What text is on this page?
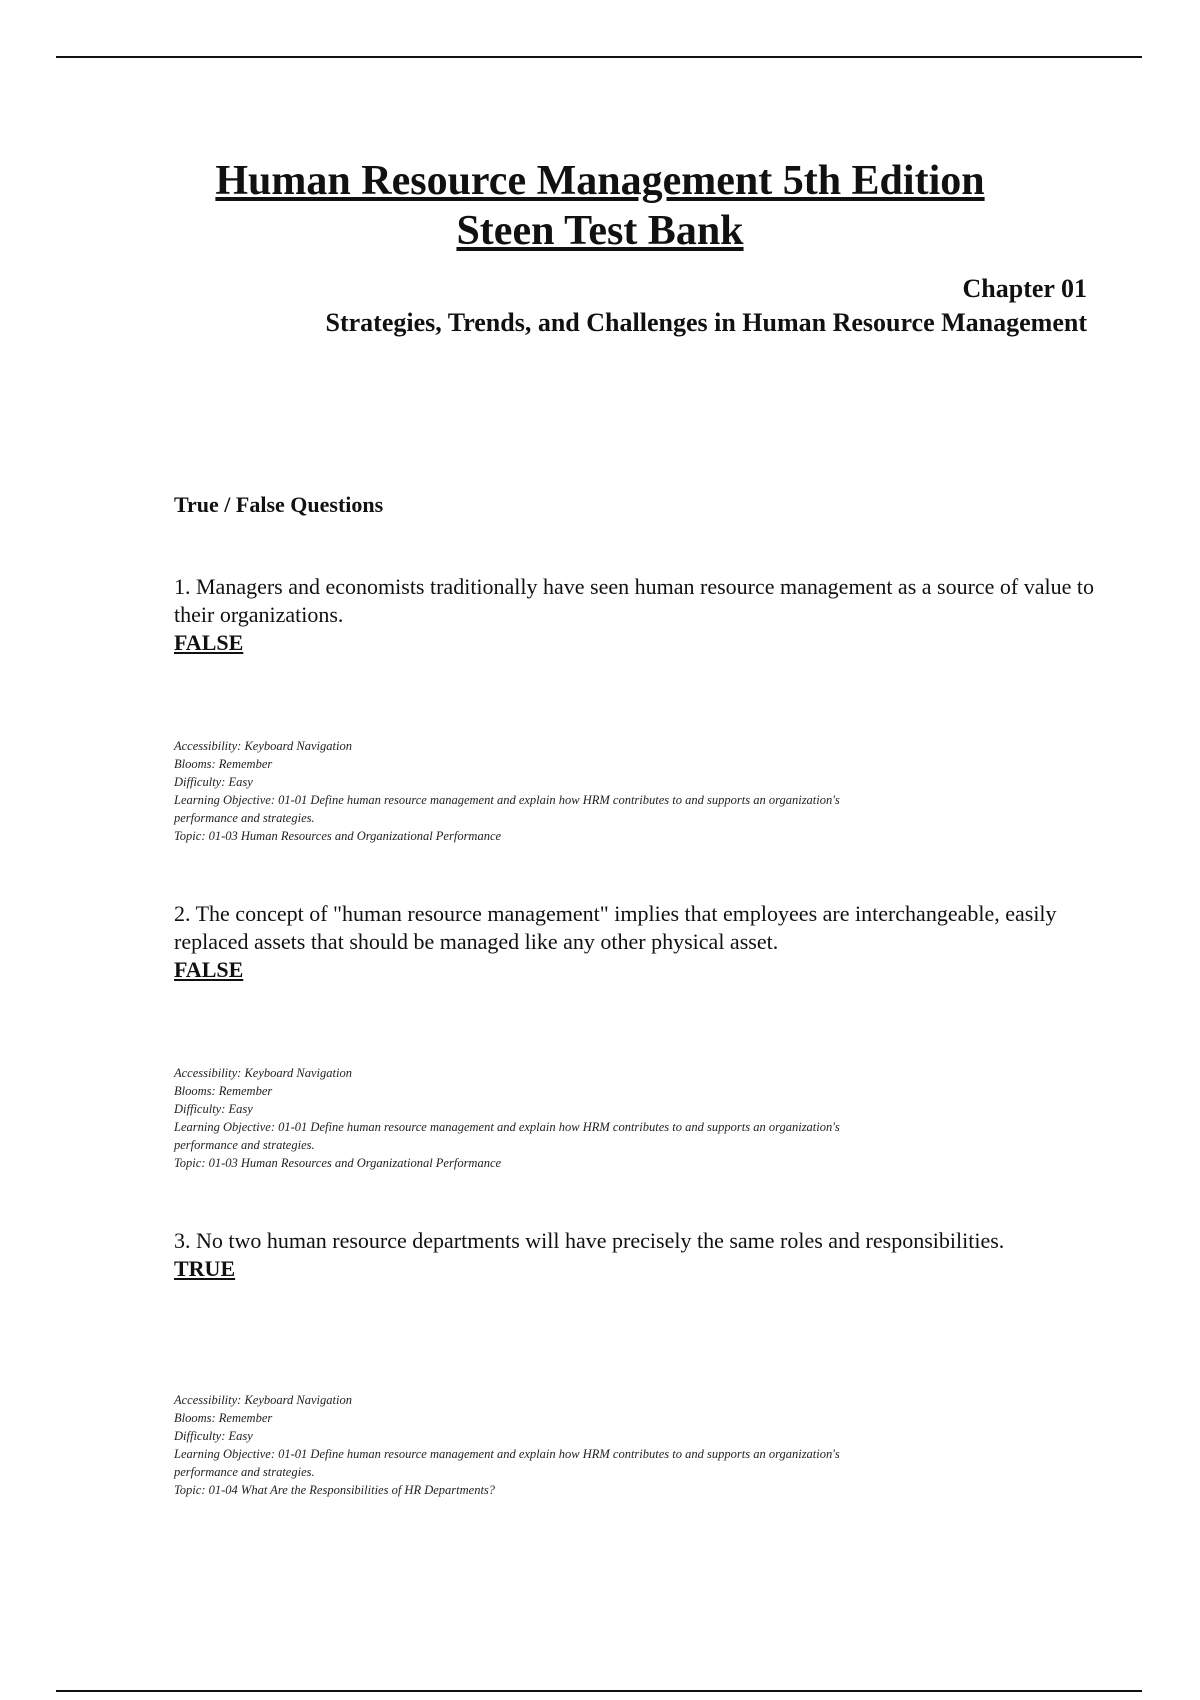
Human Resource Management 5th Edition
Steen Test Bank
Chapter 01
Strategies, Trends, and Challenges in Human Resource Management
True / False Questions

1. Managers and economists traditionally have seen human resource management as a source of value to their organizations.

FALSE

Accessibility: Keyboard Navigation
Blooms: Remember
Difficulty: Easy
Learning Objective: 01-01 Define human resource management and explain how HRM contributes to and supports an organization's
performance and strategies.
Topic: 01-03 Human Resources and Organizational Performance

2. The concept of "human resource management" implies that employees are interchangeable, easily replaced assets that should be managed like any other physical asset.

FALSE

Accessibility: Keyboard Navigation
Blooms: Remember
Difficulty: Easy
Learning Objective: 01-01 Define human resource management and explain how HRM contributes to and supports an organization's
performance and strategies.
Topic: 01-03 Human Resources and Organizational Performance

3. No two human resource departments will have precisely the same roles and responsibilities.

TRUE

Accessibility: Keyboard Navigation
Blooms: Remember
Difficulty: Easy
Learning Objective: 01-01 Define human resource management and explain how HRM contributes to and supports an organization's
performance and strategies.
Topic: 01-04 What Are the Responsibilities of HR Departments?
